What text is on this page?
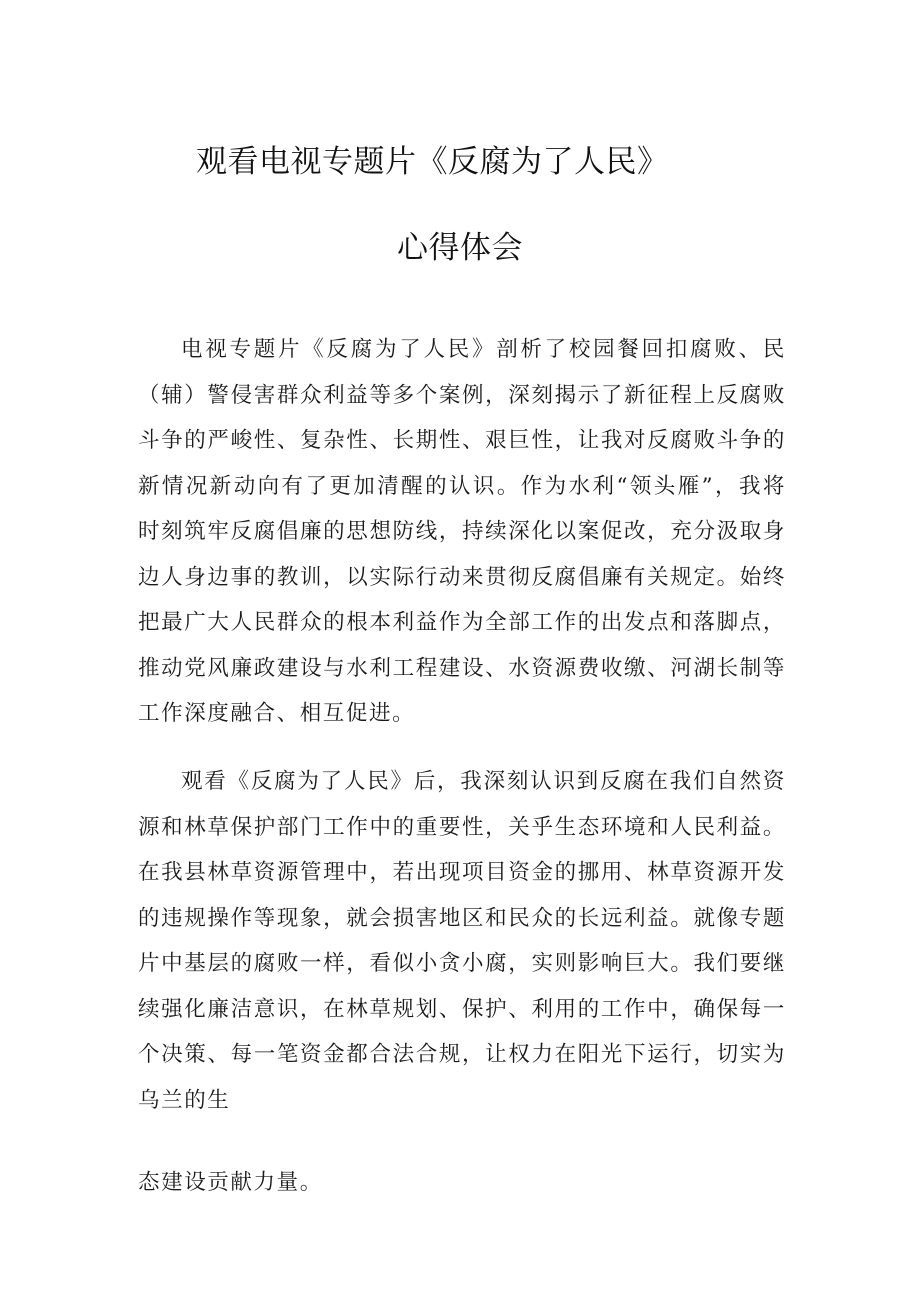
观看电视专题片《反腐为了人民》
心得体会

电视专题片《反腐为了人民》剖析了校园餐回扣腐败、民（辅）警侵害群众利益等多个案例，深刻揭示了新征程上反腐败斗争的严峻性、复杂性、长期性、艰巨性，让我对反腐败斗争的新情况新动向有了更加清醒的认识。作为水利“领头雁”，我将时刻筑牢反腐倡廉的思想防线，持续深化以案促改，充分汲取身边人身边事的教训，以实际行动来贯彻反腐倡廉有关规定。始终把最广大人民群众的根本利益作为全部工作的出发点和落脚点，推动党风廉政建设与水利工程建设、水资源费收缴、河湖长制等工作深度融合、相互促进。

观看《反腐为了人民》后，我深刻认识到反腐在我们自然资源和林草保护部门工作中的重要性，关乎生态环境和人民利益。在我县林草资源管理中，若出现项目资金的挪用、林草资源开发的违规操作等现象，就会损害地区和民众的长远利益。就像专题片中基层的腐败一样，看似小贪小腐，实则影响巨大。我们要继续强化廉洁意识，在林草规划、保护、利用的工作中，确保每一个决策、每一笔资金都合法合规，让权力在阳光下运行，切实为乌兰的生

态建设贡献力量。
